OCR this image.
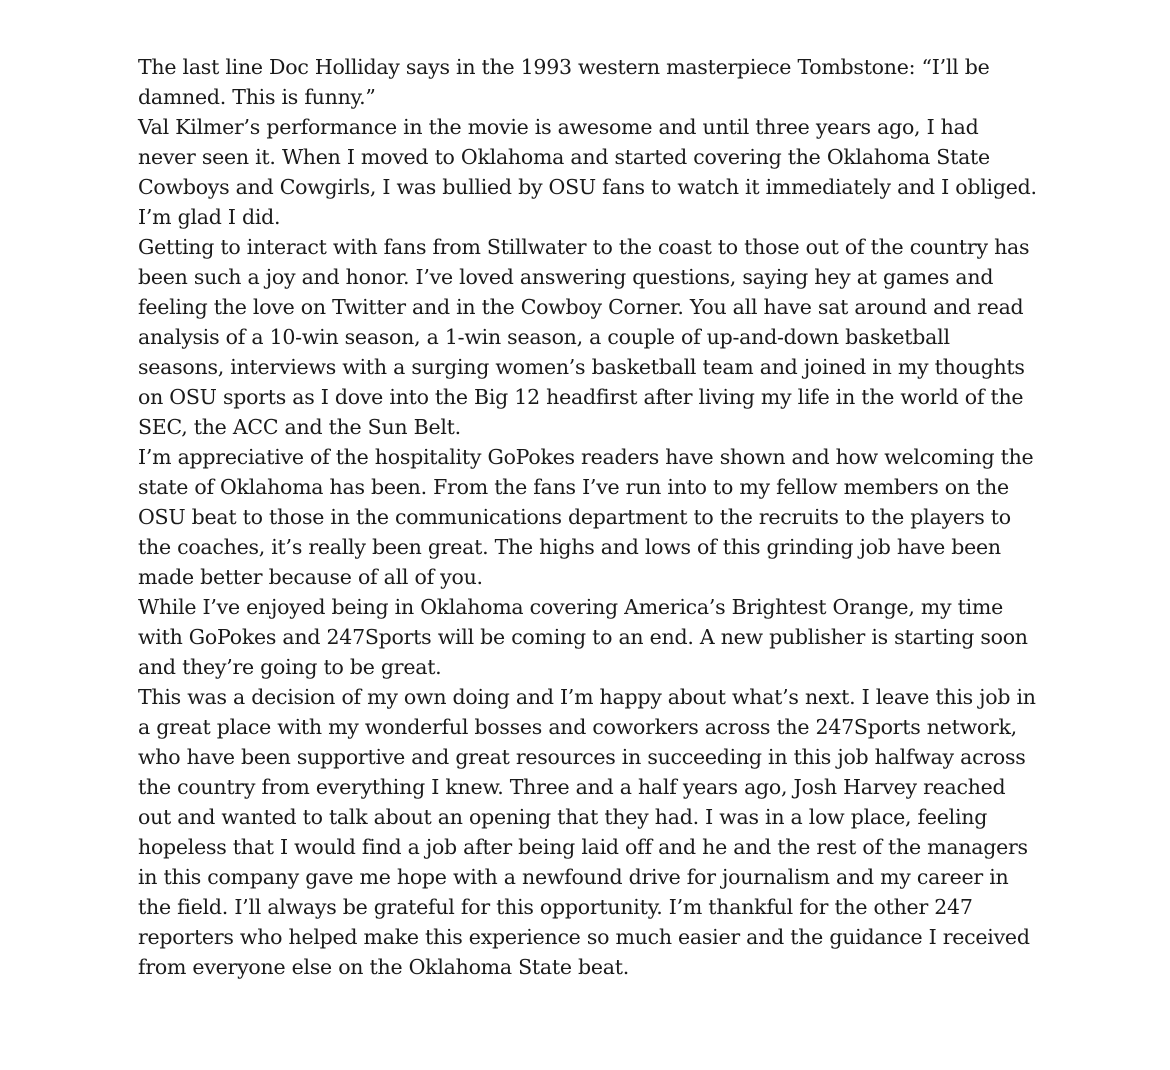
The last line Doc Holliday says in the 1993 western masterpiece Tombstone: “I’ll be damned. This is funny.”

Val Kilmer’s performance in the movie is awesome and until three years ago, I had never seen it. When I moved to Oklahoma and started covering the Oklahoma State Cowboys and Cowgirls, I was bullied by OSU fans to watch it immediately and I obliged. I’m glad I did.

Getting to interact with fans from Stillwater to the coast to those out of the country has been such a joy and honor. I’ve loved answering questions, saying hey at games and feeling the love on Twitter and in the Cowboy Corner. You all have sat around and read analysis of a 10-win season, a 1-win season, a couple of up-and-down basketball seasons, interviews with a surging women’s basketball team and joined in my thoughts on OSU sports as I dove into the Big 12 headfirst after living my life in the world of the SEC, the ACC and the Sun Belt.

I’m appreciative of the hospitality GoPokes readers have shown and how welcoming the state of Oklahoma has been. From the fans I’ve run into to my fellow members on the OSU beat to those in the communications department to the recruits to the players to the coaches, it’s really been great. The highs and lows of this grinding job have been made better because of all of you.

While I’ve enjoyed being in Oklahoma covering America’s Brightest Orange, my time with GoPokes and 247Sports will be coming to an end. A new publisher is starting soon and they’re going to be great.

This was a decision of my own doing and I’m happy about what’s next. I leave this job in a great place with my wonderful bosses and coworkers across the 247Sports network, who have been supportive and great resources in succeeding in this job halfway across the country from everything I knew. Three and a half years ago, Josh Harvey reached out and wanted to talk about an opening that they had. I was in a low place, feeling hopeless that I would find a job after being laid off and he and the rest of the managers in this company gave me hope with a newfound drive for journalism and my career in the field. I’ll always be grateful for this opportunity. I’m thankful for the other 247 reporters who helped make this experience so much easier and the guidance I received from everyone else on the Oklahoma State beat.
